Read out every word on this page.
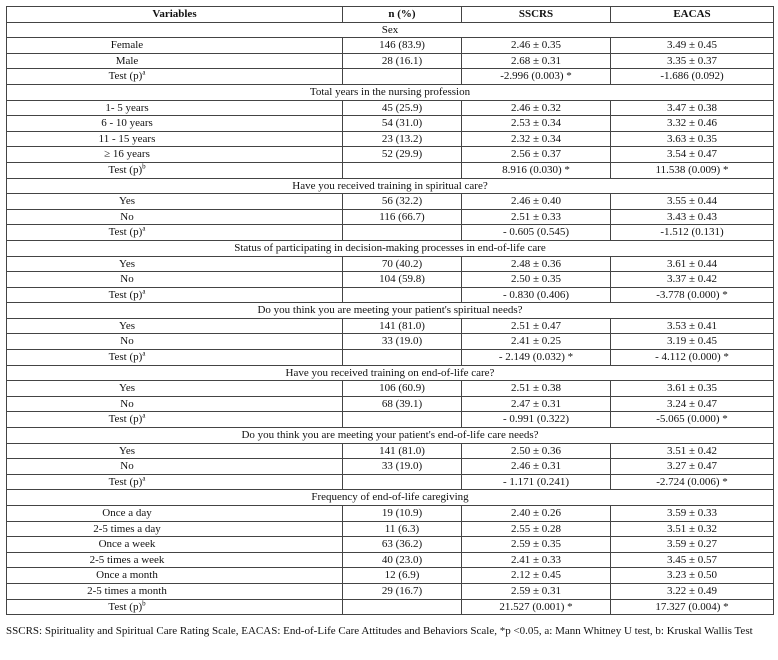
Variables	n (%)	SSCRS	EACAS
Sex			
Female	146 (83.9)	2.46 ± 0.35	3.49 ± 0.45
Male	28 (16.1)	2.68 ± 0.31	3.35 ± 0.37
Test $(p)^a$		-2.996 (0.003) *	-1.686 (0.092)
Total years in the nursing profession			
1- 5 years	45 (25.9)	2.46 ± 0.32	3.47 ± 0.38
6 - 10 years	54 (31.0)	2.53 ± 0.34	3.32 ± 0.46
11 - 15 years	23 (13.2)	2.32 ± 0.34	3.63 ± 0.35
≥ 16 years	52 (29.9)	2.56 ± 0.37	3.54 ± 0.47
Test $(p)^b$		8.916 (0.030) *	11.538 (0.009) *
Have you received training in spiritual care?			
Yes	56 (32.2)	2.46 ± 0.40	3.55 ± 0.44
No	116 (66.7)	2.51 ± 0.33	3.43 ± 0.43
Test $(p)^a$		- 0.605 (0.545)	-1.512 (0.131)
Status of participating in decision-making processes in end-of-life care			
Yes	70 (40.2)	2.48 ± 0.36	3.61 ± 0.44
No	104 (59.8)	2.50 ± 0.35	3.37 ± 0.42
Test $(p)^a$		- 0.830 (0.406)	-3.778 (0.000) *
Do you think you are meeting your patient's spiritual needs?			
Yes	141 (81.0)	2.51 ± 0.47	3.53 ± 0.41
No	33 (19.0)	2.41 ± 0.25	3.19 ± 0.45
Test $(p)^a$		- 2.149 (0.032) *	- 4.112 (0.000) *
Have you received training on end-of-life care?			
Yes	106 (60.9)	2.51 ± 0.38	3.61 ± 0.35
No	68 (39.1)	2.47 ± 0.31	3.24 ± 0.47
Test $(p)^a$		- 0.991 (0.322)	-5.065 (0.000) *
Do you think you are meeting your patient's end-of-life care needs?			
Yes	141 (81.0)	2.50 ± 0.36	3.51 ± 0.42
No	33 (19.0)	2.46 ± 0.31	3.27 ± 0.47
Test $(p)^a$		- 1.171 (0.241)	-2.724 (0.006) *
Frequency of end-of-life caregiving			
Once a day	19 (10.9)	2.40 ± 0.26	3.59 ± 0.33
2-5 times a day	11 (6.3)	2.55 ± 0.28	3.51 ± 0.32
Once a week	63 (36.2)	2.59 ± 0.35	3.59 ± 0.27
2-5 times a week	40 (23.0)	2.41 ± 0.33	3.45 ± 0.57
Once a month	12 (6.9)	2.12 ± 0.45	3.23 ± 0.50
2-5 times a month	29 (16.7)	2.59 ± 0.31	3.22 ± 0.49
Test $(p)^b$		21.527 (0.001) *	17.327 (0.004) *
SSCRS: Spirituality and Spiritual Care Rating Scale, EACAS: End-of-Life Care Attitudes and Behaviors Scale, *p <0.05, a: Mann Whitney U test, b: Kruskal Wallis Test
